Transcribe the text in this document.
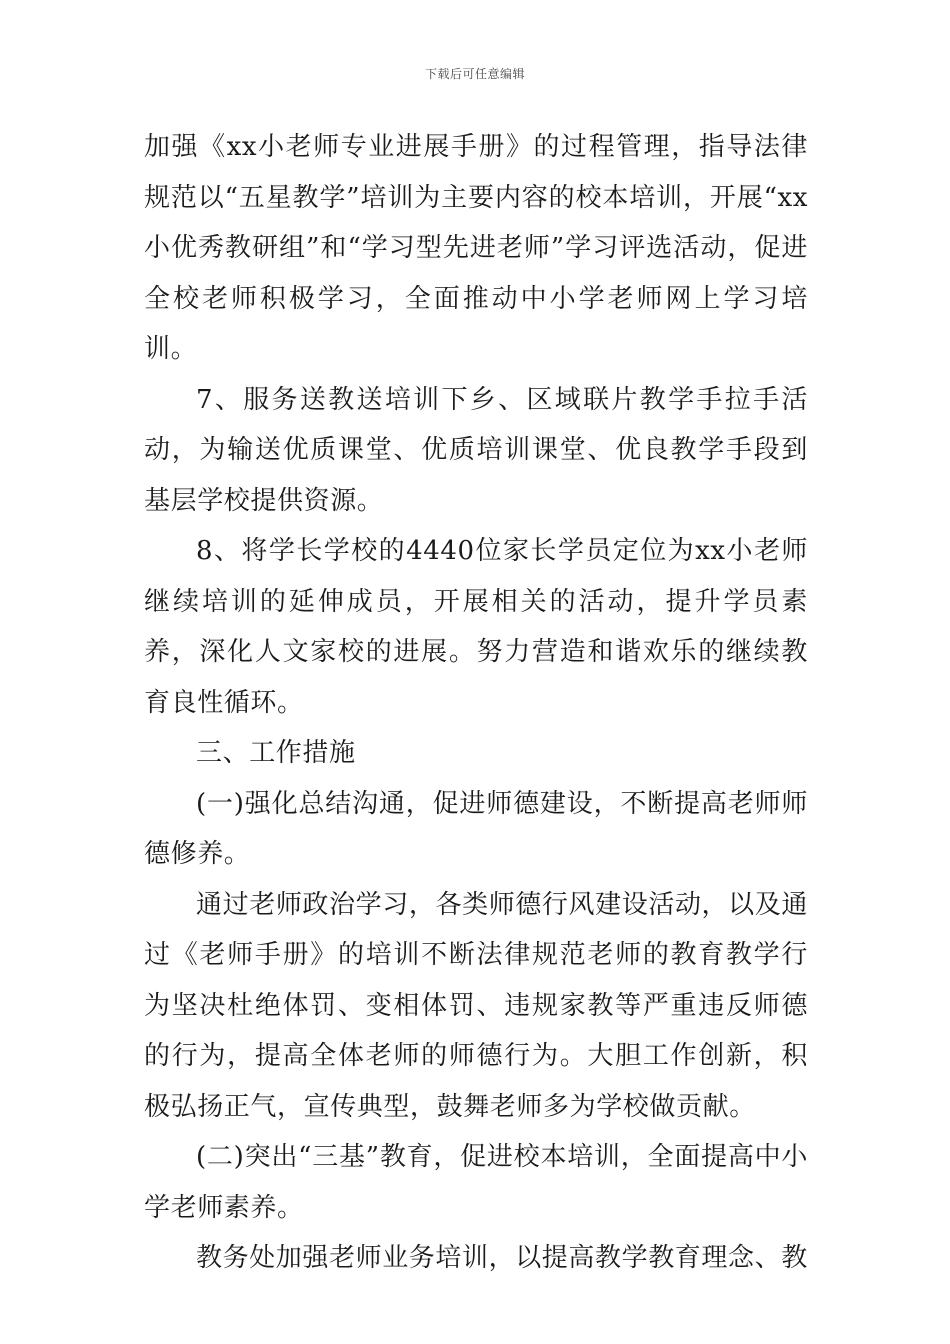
下载后可任意编辑

加强《xx小老师专业进展手册》的过程管理，指导法律规范以“五星教学”培训为主要内容的校本培训，开展“xx小优秀教研组”和“学习型先进老师”学习评选活动，促进全校老师积极学习，全面推动中小学老师网上学习培训。

7、服务送教送培训下乡、区域联片教学手拉手活动，为输送优质课堂、优质培训课堂、优良教学手段到基层学校提供资源。

8、将学长学校的4440位家长学员定位为xx小老师继续培训的延伸成员，开展相关的活动，提升学员素养，深化人文家校的进展。努力营造和谐欢乐的继续教育良性循环。

三、工作措施

(一)强化总结沟通，促进师德建设，不断提高老师师德修养。

通过老师政治学习，各类师德行风建设活动，以及通过《老师手册》的培训不断法律规范老师的教育教学行为坚决杜绝体罚、变相体罚、违规家教等严重违反师德的行为，提高全体老师的师德行为。大胆工作创新，积极弘扬正气，宣传典型，鼓舞老师多为学校做贡献。

(二)突出“三基”教育，促进校本培训，全面提高中小学老师素养。

教务处加强老师业务培训，以提高教学教育理念、教
